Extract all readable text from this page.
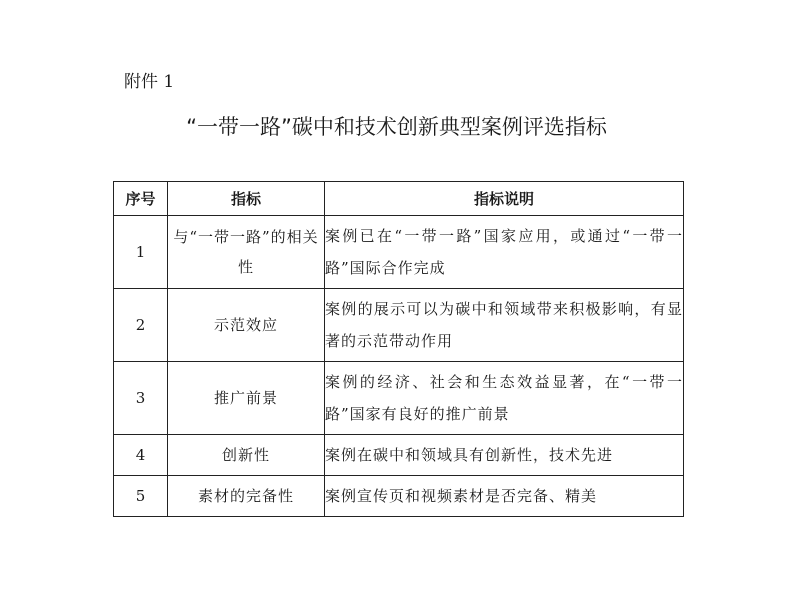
附件 1
“一带一路”碳中和技术创新典型案例评选指标
序号	指标	指标说明
1	与“一带一路”的相关性	案例已在“一带一路”国家应用，或通过“一带一路”国际合作完成
2	示范效应	案例的展示可以为碳中和领域带来积极影响，有显著的示范带动作用
3	推广前景	案例的经济、社会和生态效益显著，在“一带一路”国家有良好的推广前景
4	创新性	案例在碳中和领域具有创新性，技术先进
5	素材的完备性	案例宣传页和视频素材是否完备、精美
